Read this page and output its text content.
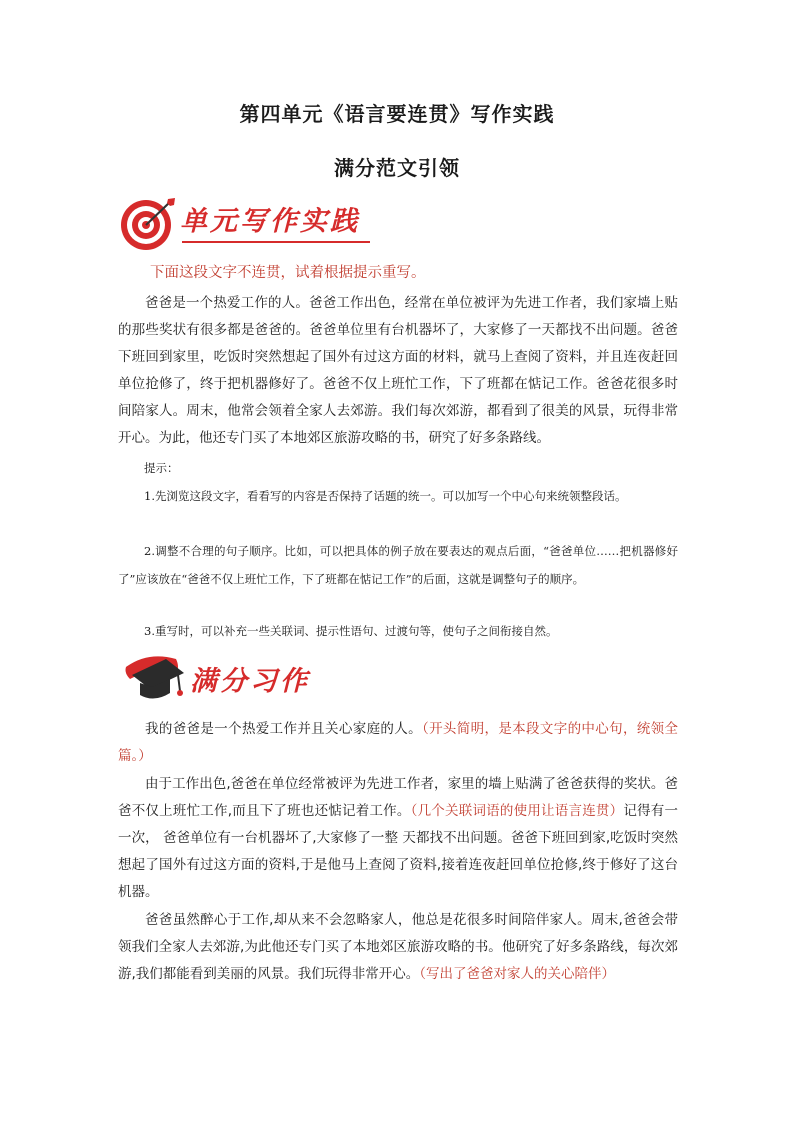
第四单元《语言要连贯》写作实践
满分范文引领
单元写作实践
下面这段文字不连贯，试着根据提示重写。
爸爸是一个热爱工作的人。爸爸工作出色，经常在单位被评为先进工作者，我们家墙上贴的那些奖状有很多都是爸爸的。爸爸单位里有台机器坏了，大家修了一天都找不出问题。爸爸下班回到家里，吃饭时突然想起了国外有过这方面的材料，就马上查阅了资料，并且连夜赶回单位抢修了，终于把机器修好了。爸爸不仅上班忙工作，下了班都在惦记工作。爸爸花很多时间陪家人。周末，他常会领着全家人去郊游。我们每次郊游，都看到了很美的风景，玩得非常开心。为此，他还专门买了本地郊区旅游攻略的书，研究了好多条路线。
提示：
1.先浏览这段文字，看看写的内容是否保持了话题的统一。可以加写一个中心句来统领整段话。
2.调整不合理的句子顺序。比如，可以把具体的例子放在要表达的观点后面，“爸爸单位……把机器修好了”应该放在“爸爸不仅上班忙工作，下了班都在惦记工作”的后面，这就是调整句子的顺序。
3.重写时，可以补充一些关联词、提示性语句、过渡句等，使句子之间衔接自然。
满分习作
我的爸爸是一个热爱工作并且关心家庭的人。（开头简明，是本段文字的中心句，统领全篇。）
由于工作出色,爸爸在单位经常被评为先进工作者，家里的墙上贴满了爸爸获得的奖状。爸爸不仅上班忙工作,而且下了班也还惦记着工作。（几个关联词语的使用让语言连贯）记得有一一次， 爸爸单位有一台机器坏了,大家修了一整 天都找不出问题。爸爸下班回到家,吃饭时突然想起了国外有过这方面的资料,于是他马上查阅了资料,接着连夜赶回单位抢修,终于修好了这台机器。
爸爸虽然醉心于工作,却从来不会忽略家人，他总是花很多时间陪伴家人。周末,爸爸会带领我们全家人去郊游,为此他还专门买了本地郊区旅游攻略的书。他研究了好多条路线，每次郊游,我们都能看到美丽的风景。我们玩得非常开心。（写出了爸爸对家人的关心陪伴）
